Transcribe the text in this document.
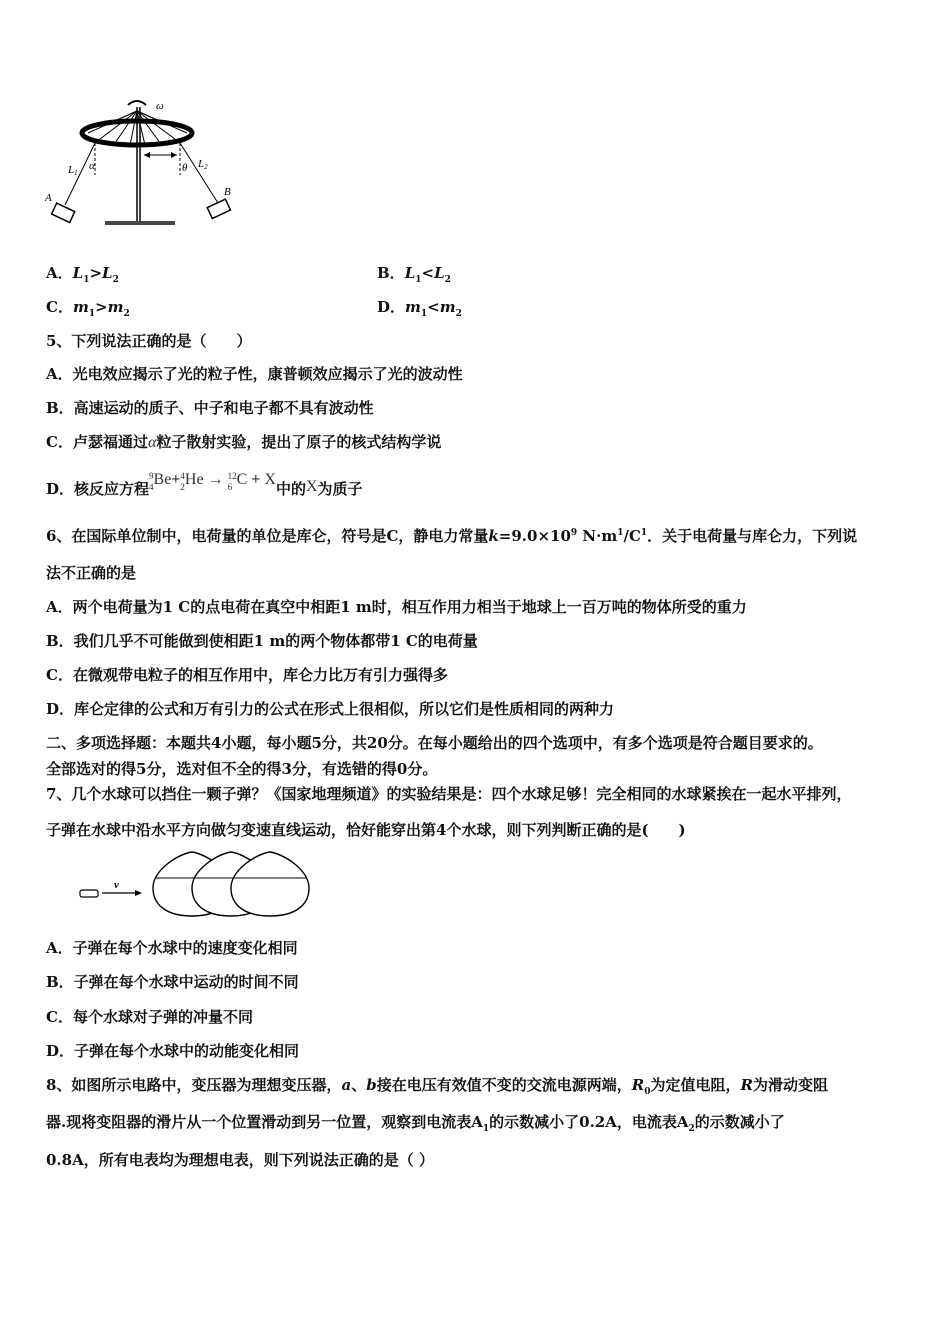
ω
L1
L2
α	θ
A	B
A．$L_1>L_2$	B．$L_1<L_2$
C．$m_1>m_2$	D．$m_1<m_2$
5、下列说法正确的是（　　）
A．光电效应揭示了光的粒子性，康普顿效应揭示了光的波动性
B．高速运动的质子、中子和电子都不具有波动性
C．卢瑟福通过α粒子散射实验，提出了原子的核式结构学说
D．核反应方程
9
4 Be+ 4
2 He → 12
6 C + X中的X为质子
6、在国际单位制中，电荷量的单位是库仑，符号是C，静电力常量$k=9.0\times 10^9$ $N\cdot m^1/C^1$．关于电荷量与库仑力，下列说
法不正确的是
A．两个电荷量为1 C的点电荷在真空中相距1 m时，相互作用力相当于地球上一百万吨的物体所受的重力
B．我们几乎不可能做到使相距1 m的两个物体都带1 C的电荷量
C．在微观带电粒子的相互作用中，库仑力比万有引力强得多
D．库仑定律的公式和万有引力的公式在形式上很相似，所以它们是性质相同的两种力
二、多项选择题：本题共4小题，每小题5分，共20分。在每小题给出的四个选项中，有多个选项是符合题目要求的。
全部选对的得5分，选对但不全的得3分，有选错的得0分。
7、几个水球可以挡住一颗子弹？《国家地理频道》的实验结果是：四个水球足够！完全相同的水球紧挨在一起水平排列，
子弹在水球中沿水平方向做匀变速直线运动，恰好能穿出第4个水球，则下列判断正确的是(　　)
v
A．子弹在每个水球中的速度变化相同
B．子弹在每个水球中运动的时间不同
C．每个水球对子弹的冲量不同
D．子弹在每个水球中的动能变化相同
8、如图所示电路中，变压器为理想变压器，a、b接在电压有效值不变的交流电源两端，$R_0$为定值电阻，R为滑动变阻
器.现将变阻器的滑片从一个位置滑动到另一位置，观察到电流表$A_1$的示数减小了0.2A，电流表$A_2$的示数减小了
0.8A，所有电表均为理想电表，则下列说法正确的是（ ）
